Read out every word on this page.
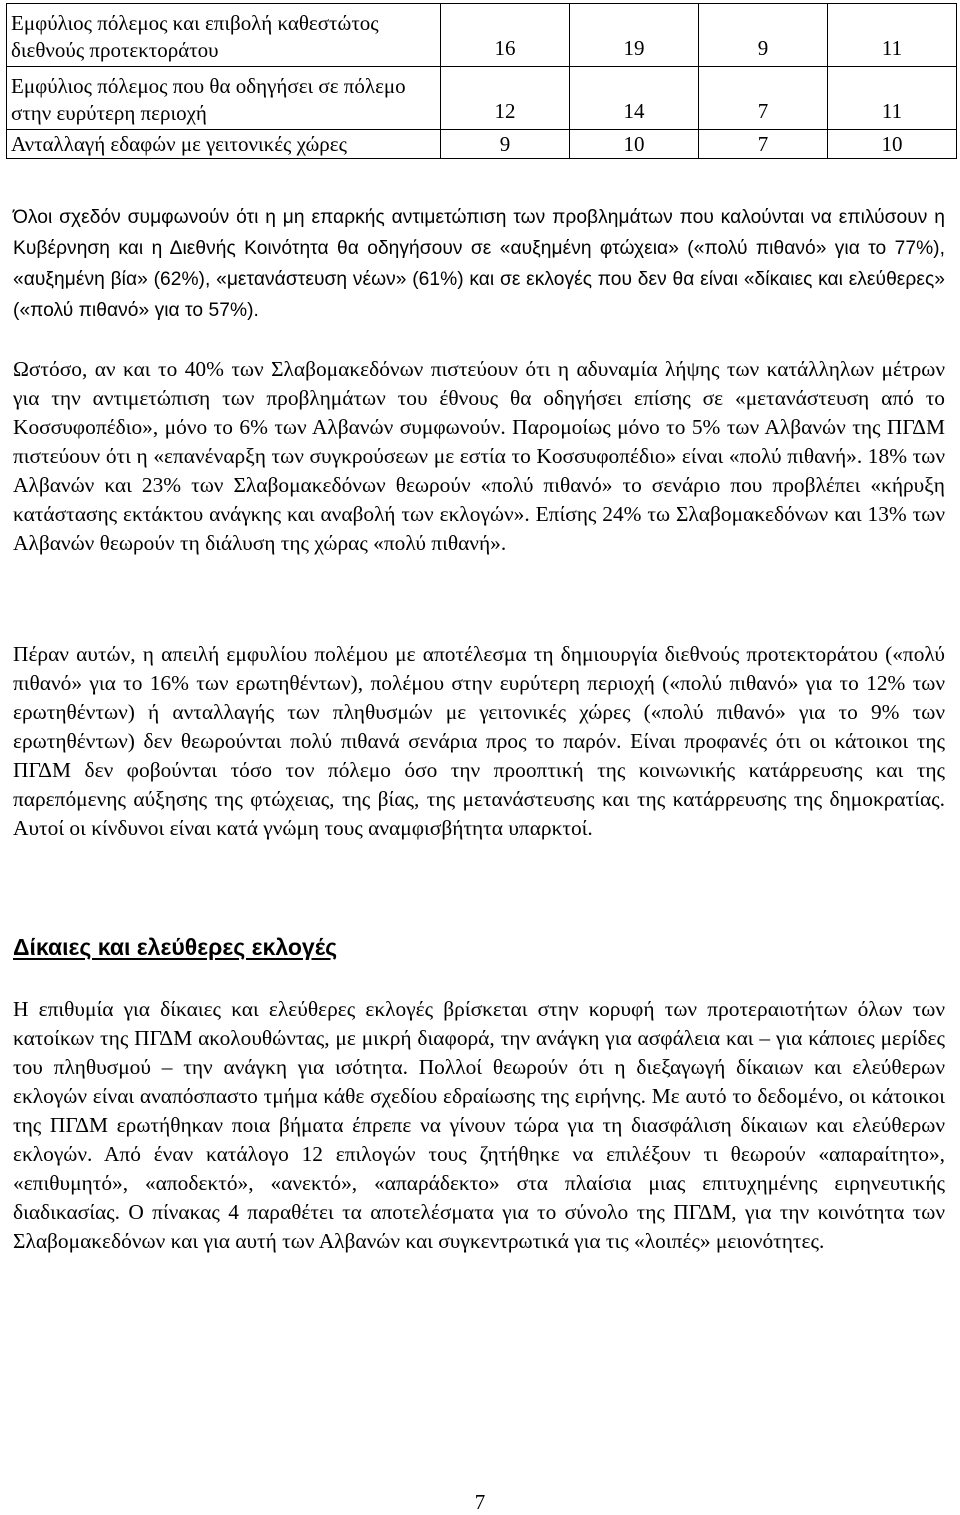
Εμφύλιος πόλεμος και επιβολή καθεστώτος διεθνούς προτεκτοράτου	16	19	9	11
Εμφύλιος πόλεμος που θα οδηγήσει σε πόλεμο στην ευρύτερη περιοχή	12	14	7	11
Ανταλλαγή εδαφών με γειτονικές χώρες	9	10	7	10

Όλοι σχεδόν συμφωνούν ότι η μη επαρκής αντιμετώπιση των προβλημάτων που καλούνται να επιλύσουν η Κυβέρνηση και η Διεθνής Κοινότητα θα οδηγήσουν σε «αυξημένη φτώχεια» («πολύ πιθανό» για το 77%), «αυξημένη βία» (62%), «μετανάστευση νέων» (61%) και σε εκλογές που δεν θα είναι «δίκαιες και ελεύθερες» («πολύ πιθανό» για το 57%).

Ωστόσο, αν και το 40% των Σλαβομακεδόνων πιστεύουν ότι η αδυναμία λήψης των κατάλληλων μέτρων για την αντιμετώπιση των προβλημάτων του έθνους θα οδηγήσει επίσης σε «μετανάστευση από το Κοσσυφοπέδιο», μόνο το 6% των Αλβανών συμφωνούν. Παρομοίως μόνο το 5% των Αλβανών της ΠΓΔΜ πιστεύουν ότι η «επανέναρξη των συγκρούσεων με εστία το Κοσσυφοπέδιο» είναι «πολύ πιθανή». 18% των Αλβανών και 23% των Σλαβομακεδόνων θεωρούν «πολύ πιθανό» το σενάριο που προβλέπει «κήρυξη κατάστασης εκτάκτου ανάγκης και αναβολή των εκλογών». Επίσης 24% τω Σλαβομακεδόνων και 13% των Αλβανών θεωρούν τη διάλυση της χώρας «πολύ πιθανή».

Πέραν αυτών, η απειλή εμφυλίου πολέμου με αποτέλεσμα τη δημιουργία διεθνούς προτεκτοράτου («πολύ πιθανό» για το 16% των ερωτηθέντων), πολέμου στην ευρύτερη περιοχή («πολύ πιθανό» για το 12% των ερωτηθέντων) ή ανταλλαγής των πληθυσμών με γειτονικές χώρες («πολύ πιθανό» για το 9% των ερωτηθέντων) δεν θεωρούνται πολύ πιθανά σενάρια προς το παρόν. Είναι προφανές ότι οι κάτοικοι της ΠΓΔΜ δεν φοβούνται τόσο τον πόλεμο όσο την προοπτική της κοινωνικής κατάρρευσης και της παρεπόμενης αύξησης της φτώχειας, της βίας, της μετανάστευσης και της κατάρρευσης της δημοκρατίας. Αυτοί οι κίνδυνοι είναι κατά γνώμη τους αναμφισβήτητα υπαρκτοί.

Δίκαιες και ελεύθερες εκλογές

Η επιθυμία για δίκαιες και ελεύθερες εκλογές βρίσκεται στην κορυφή των προτεραιοτήτων όλων των κατοίκων της ΠΓΔΜ ακολουθώντας, με μικρή διαφορά, την ανάγκη για ασφάλεια και – για κάποιες μερίδες του πληθυσμού – την ανάγκη για ισότητα. Πολλοί θεωρούν ότι η διεξαγωγή δίκαιων και ελεύθερων εκλογών είναι αναπόσπαστο τμήμα κάθε σχεδίου εδραίωσης της ειρήνης. Με αυτό το δεδομένο, οι κάτοικοι της ΠΓΔΜ ερωτήθηκαν ποια βήματα έπρεπε να γίνουν τώρα για τη διασφάλιση δίκαιων και ελεύθερων εκλογών. Από έναν κατάλογο 12 επιλογών τους ζητήθηκε να επιλέξουν τι θεωρούν «απαραίτητο», «επιθυμητό», «αποδεκτό», «ανεκτό», «απαράδεκτο» στα πλαίσια μιας επιτυχημένης ειρηνευτικής διαδικασίας. Ο πίνακας 4 παραθέτει τα αποτελέσματα για το σύνολο της ΠΓΔΜ, για την κοινότητα των Σλαβομακεδόνων και για αυτή των Αλβανών και συγκεντρωτικά για τις «λοιπές» μειονότητες.

7
